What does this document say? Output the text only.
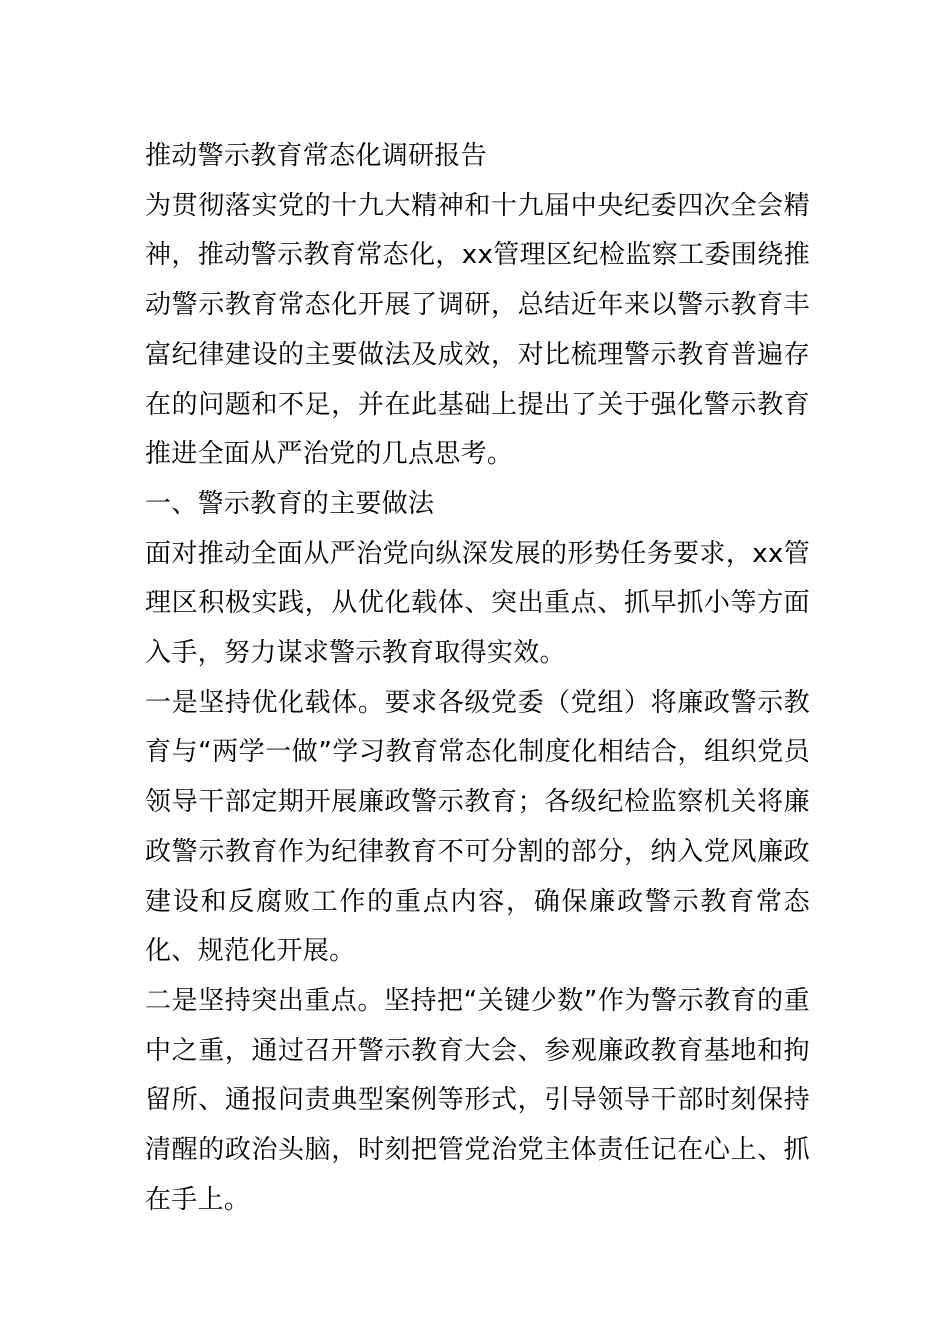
推动警示教育常态化调研报告

为贯彻落实党的十九大精神和十九届中央纪委四次全会精神，推动警示教育常态化，xx管理区纪检监察工委围绕推动警示教育常态化开展了调研，总结近年来以警示教育丰富纪律建设的主要做法及成效，对比梳理警示教育普遍存在的问题和不足，并在此基础上提出了关于强化警示教育推进全面从严治党的几点思考。

一、警示教育的主要做法

面对推动全面从严治党向纵深发展的形势任务要求，xx管理区积极实践，从优化载体、突出重点、抓早抓小等方面入手，努力谋求警示教育取得实效。

一是坚持优化载体。要求各级党委（党组）将廉政警示教育与“两学一做”学习教育常态化制度化相结合，组织党员领导干部定期开展廉政警示教育；各级纪检监察机关将廉政警示教育作为纪律教育不可分割的部分，纳入党风廉政建设和反腐败工作的重点内容，确保廉政警示教育常态化、规范化开展。

二是坚持突出重点。坚持把“关键少数”作为警示教育的重中之重，通过召开警示教育大会、参观廉政教育基地和拘留所、通报问责典型案例等形式，引导领导干部时刻保持清醒的政治头脑，时刻把管党治党主体责任记在心上、抓在手上。
